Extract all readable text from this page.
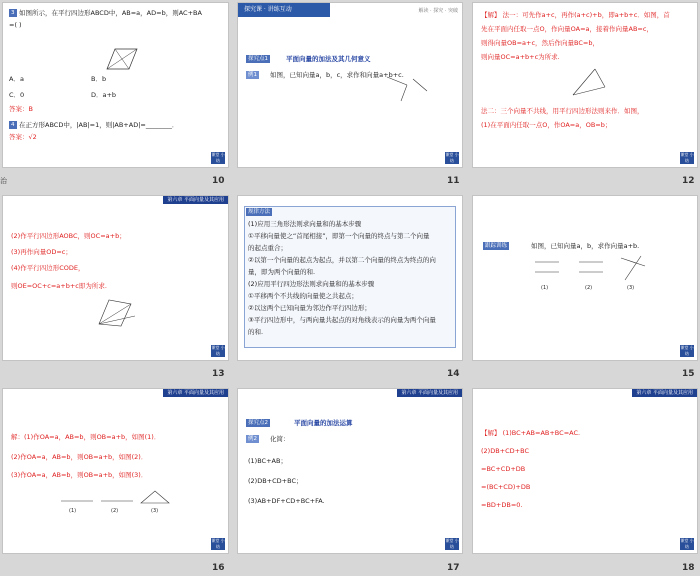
治
3 如图所示，在平行四边形ABCD中，AB=a，AD=b，则AC+BA
=( )
A．a	B．b
C．0	D．a+b
答案：B
4 在正方形ABCD中，|AB|=1，则|AB+AD|=________．
答案：√2
课堂 小结
10
探究课 · 讲练互动	解读 · 探究 · 突破
探究点1	平面向量的加法及其几何意义
例1	如图，已知向量a，b，c，求作和向量a+b+c.
课堂 小结
11
【解】 法一：可先作a+c，再作(a+c)+b，即a+b+c．如图，首
先在平面内任取一点O，作向量OA=a，接着作向量AB=c，
则得向量OB=a+c，然后作向量BC=b，
则向量OC=a+b+c为所求.
法二：三个向量不共线，用平行四边形法则来作．如图，
(1)在平面内任取一点O，作OA=a，OB=b；
课堂 小结
12
第六章 平面向量及其应用
(2)作平行四边形AOBC，则OC=a+b；
(3)再作向量OD=c；
(4)作平行四边形CODE，
则OE=OC+c=a+b+c即为所求.
课堂 小结
13
规律方法
(1)应用三角形法则求向量和的基本步骤
①平移向量使之“首尾相接”，即第一个向量的终点与第二个向量
的起点重合；
②以第一个向量的起点为起点，并以第二个向量的终点为终点的向
量，即为两个向量的和.
(2)应用平行四边形法则求向量和的基本步骤
①平移两个不共线的向量使之共起点；
②以这两个已知向量为邻边作平行四边形；
③平行四边形中，与两向量共起点的对角线表示的向量为两个向量
的和.
14
跟踪训练	如图，已知向量a，b，求作向量a+b.
(1)	(2)	(3)
课堂 小结
15
第六章 平面向量及其应用
解：(1)作OA=a，AB=b，则OB=a+b，如图(1)．
(2)作OA=a，AB=b，则OB=a+b，如图(2)．
(3)作OA=a，AB=b，则OB=a+b，如图(3)．
(1)	(2)	(3)
课堂 小结
16
第六章 平面向量及其应用
探究点2	平面向量的加法运算
例2	化简：
(1)BC+AB；
(2)DB+CD+BC；
(3)AB+DF+CD+BC+FA.
课堂 小结
17
第六章 平面向量及其应用
【解】 (1)BC+AB=AB+BC=AC.
(2)DB+CD+BC
=BC+CD+DB
=(BC+CD)+DB
=BD+DB=0.
课堂 小结
18
